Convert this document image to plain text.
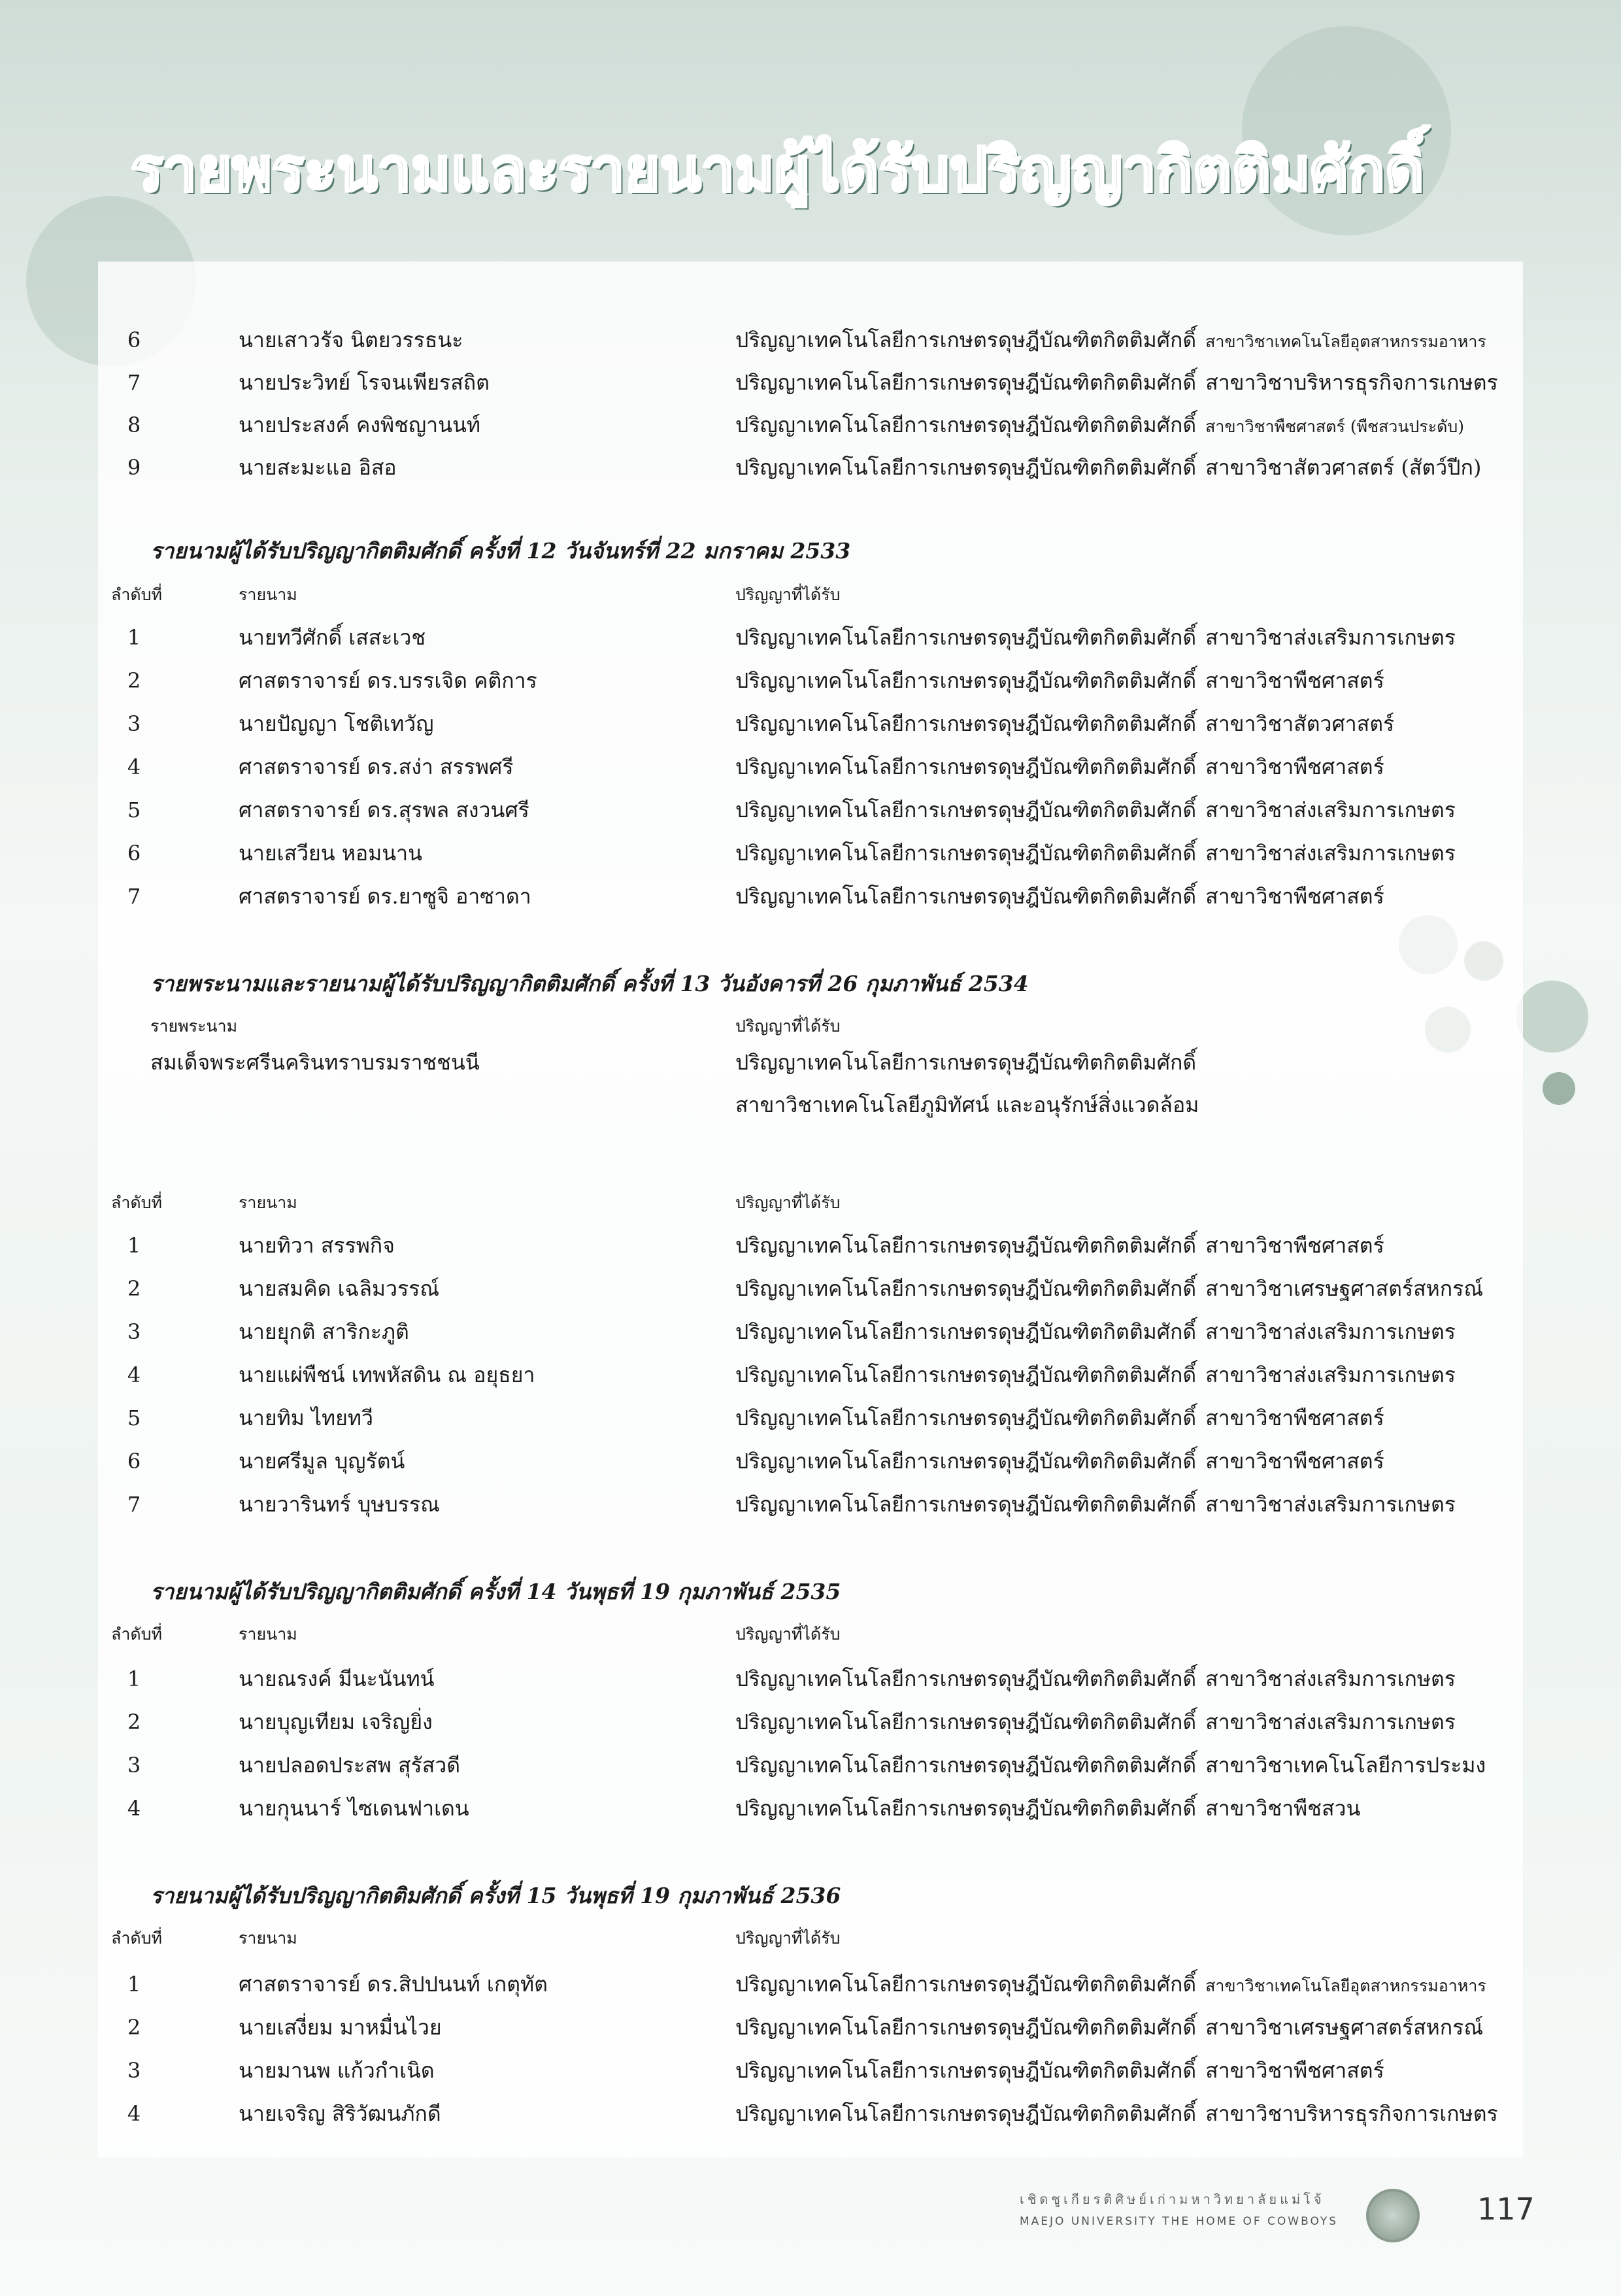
รายพระนามและรายนามผู้ได้รับปริญญากิตติมศักดิ์
6	นายเสาวรัจ นิตยวรรธนะ	ปริญญาเทคโนโลยีการเกษตรดุษฎีบัณฑิตกิตติมศักดิ์ สาขาวิชาเทคโนโลยีอุตสาหกรรมอาหาร
7	นายประวิทย์ โรจนเพียรสถิต	ปริญญาเทคโนโลยีการเกษตรดุษฎีบัณฑิตกิตติมศักดิ์ สาขาวิชาบริหารธุรกิจการเกษตร
8	นายประสงค์ คงพิชญานนท์	ปริญญาเทคโนโลยีการเกษตรดุษฎีบัณฑิตกิตติมศักดิ์ สาขาวิชาพืชศาสตร์ (พืชสวนประดับ)
9	นายสะมะแอ อิสอ	ปริญญาเทคโนโลยีการเกษตรดุษฎีบัณฑิตกิตติมศักดิ์ สาขาวิชาสัตวศาสตร์ (สัตว์ปีก)
รายนามผู้ได้รับปริญญากิตติมศักดิ์ ครั้งที่ 12 วันจันทร์ที่ 22 มกราคม 2533
ลำดับที่	รายนาม	ปริญญาที่ได้รับ
1	นายทวีศักดิ์ เสสะเวช	ปริญญาเทคโนโลยีการเกษตรดุษฎีบัณฑิตกิตติมศักดิ์ สาขาวิชาส่งเสริมการเกษตร
2	ศาสตราจารย์ ดร.บรรเจิด คติการ	ปริญญาเทคโนโลยีการเกษตรดุษฎีบัณฑิตกิตติมศักดิ์ สาขาวิชาพืชศาสตร์
3	นายปัญญา โชติเทวัญ	ปริญญาเทคโนโลยีการเกษตรดุษฎีบัณฑิตกิตติมศักดิ์ สาขาวิชาสัตวศาสตร์
4	ศาสตราจารย์ ดร.สง่า สรรพศรี	ปริญญาเทคโนโลยีการเกษตรดุษฎีบัณฑิตกิตติมศักดิ์ สาขาวิชาพืชศาสตร์
5	ศาสตราจารย์ ดร.สุรพล สงวนศรี	ปริญญาเทคโนโลยีการเกษตรดุษฎีบัณฑิตกิตติมศักดิ์ สาขาวิชาส่งเสริมการเกษตร
6	นายเสวียน หอมนาน	ปริญญาเทคโนโลยีการเกษตรดุษฎีบัณฑิตกิตติมศักดิ์ สาขาวิชาส่งเสริมการเกษตร
7	ศาสตราจารย์ ดร.ยาซูจิ อาซาดา	ปริญญาเทคโนโลยีการเกษตรดุษฎีบัณฑิตกิตติมศักดิ์ สาขาวิชาพืชศาสตร์
รายพระนามและรายนามผู้ได้รับปริญญากิตติมศักดิ์ ครั้งที่ 13 วันอังคารที่ 26 กุมภาพันธ์ 2534
รายพระนาม	ปริญญาที่ได้รับ
สมเด็จพระศรีนครินทราบรมราชชนนี	ปริญญาเทคโนโลยีการเกษตรดุษฎีบัณฑิตกิตติมศักดิ์
สาขาวิชาเทคโนโลยีภูมิทัศน์ และอนุรักษ์สิ่งแวดล้อม
ลำดับที่	รายนาม	ปริญญาที่ได้รับ
1	นายทิวา สรรพกิจ	ปริญญาเทคโนโลยีการเกษตรดุษฎีบัณฑิตกิตติมศักดิ์ สาขาวิชาพืชศาสตร์
2	นายสมคิด เฉลิมวรรณ์	ปริญญาเทคโนโลยีการเกษตรดุษฎีบัณฑิตกิตติมศักดิ์ สาขาวิชาเศรษฐศาสตร์สหกรณ์
3	นายยุกติ สาริกะภูติ	ปริญญาเทคโนโลยีการเกษตรดุษฎีบัณฑิตกิตติมศักดิ์ สาขาวิชาส่งเสริมการเกษตร
4	นายแผ่พืชน์ เทพหัสดิน ณ อยุธยา	ปริญญาเทคโนโลยีการเกษตรดุษฎีบัณฑิตกิตติมศักดิ์ สาขาวิชาส่งเสริมการเกษตร
5	นายทิม ไทยทวี	ปริญญาเทคโนโลยีการเกษตรดุษฎีบัณฑิตกิตติมศักดิ์ สาขาวิชาพืชศาสตร์
6	นายศรีมูล บุญรัตน์	ปริญญาเทคโนโลยีการเกษตรดุษฎีบัณฑิตกิตติมศักดิ์ สาขาวิชาพืชศาสตร์
7	นายวารินทร์ บุษบรรณ	ปริญญาเทคโนโลยีการเกษตรดุษฎีบัณฑิตกิตติมศักดิ์ สาขาวิชาส่งเสริมการเกษตร
รายนามผู้ได้รับปริญญากิตติมศักดิ์ ครั้งที่ 14 วันพุธที่ 19 กุมภาพันธ์ 2535
ลำดับที่	รายนาม	ปริญญาที่ได้รับ
1	นายณรงค์ มีนะนันทน์	ปริญญาเทคโนโลยีการเกษตรดุษฎีบัณฑิตกิตติมศักดิ์ สาขาวิชาส่งเสริมการเกษตร
2	นายบุญเทียม เจริญยิ่ง	ปริญญาเทคโนโลยีการเกษตรดุษฎีบัณฑิตกิตติมศักดิ์ สาขาวิชาส่งเสริมการเกษตร
3	นายปลอดประสพ สุรัสวดี	ปริญญาเทคโนโลยีการเกษตรดุษฎีบัณฑิตกิตติมศักดิ์ สาขาวิชาเทคโนโลยีการประมง
4	นายกุนนาร์ ไซเดนฟาเดน	ปริญญาเทคโนโลยีการเกษตรดุษฎีบัณฑิตกิตติมศักดิ์ สาขาวิชาพืชสวน
รายนามผู้ได้รับปริญญากิตติมศักดิ์ ครั้งที่ 15 วันพุธที่ 19 กุมภาพันธ์ 2536
ลำดับที่	รายนาม	ปริญญาที่ได้รับ
1	ศาสตราจารย์ ดร.สิปปนนท์ เกตุทัต	ปริญญาเทคโนโลยีการเกษตรดุษฎีบัณฑิตกิตติมศักดิ์ สาขาวิชาเทคโนโลยีอุตสาหกรรมอาหาร
2	นายเสงี่ยม มาหมื่นไวย	ปริญญาเทคโนโลยีการเกษตรดุษฎีบัณฑิตกิตติมศักดิ์ สาขาวิชาเศรษฐศาสตร์สหกรณ์
3	นายมานพ แก้วกำเนิด	ปริญญาเทคโนโลยีการเกษตรดุษฎีบัณฑิตกิตติมศักดิ์ สาขาวิชาพืชศาสตร์
4	นายเจริญ สิริวัฒนภักดี	ปริญญาเทคโนโลยีการเกษตรดุษฎีบัณฑิตกิตติมศักดิ์ สาขาวิชาบริหารธุรกิจการเกษตร
เชิดชูเกียรติศิษย์เก่ามหาวิทยาลัยแม่โจ้
MAEJO UNIVERSITY THE HOME OF COWBOYS	117
